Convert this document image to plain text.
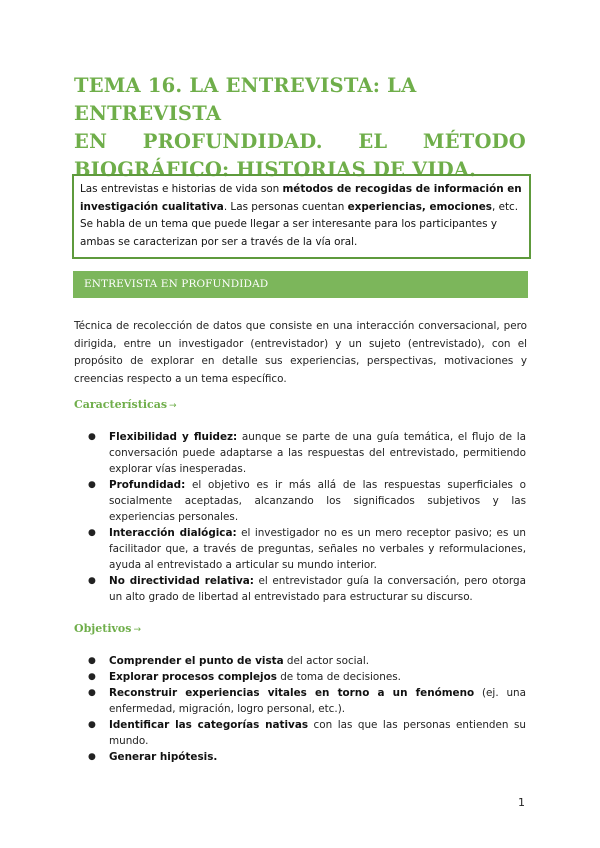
TEMA 16. LA ENTREVISTA: LA ENTREVISTA
EN PROFUNDIDAD. EL MÉTODO
BIOGRÁFICO: HISTORIAS DE VIDA.
Las entrevistas e historias de vida son métodos de recogidas de información en investigación cualitativa. Las personas cuentan experiencias, emociones, etc.
Se habla de un tema que puede llegar a ser interesante para los participantes y ambas se caracterizan por ser a través de la vía oral.
ENTREVISTA EN PROFUNDIDAD

Técnica de recolección de datos que consiste en una interacción conversacional, pero dirigida, entre un investigador (entrevistador) y un sujeto (entrevistado), con el propósito de explorar en detalle sus experiencias, perspectivas, motivaciones y creencias respecto a un tema específico.

Características →
● Flexibilidad y fluidez: aunque se parte de una guía temática, el flujo de la conversación puede adaptarse a las respuestas del entrevistado, permitiendo explorar vías inesperadas.
● Profundidad: el objetivo es ir más allá de las respuestas superficiales o socialmente aceptadas, alcanzando los significados subjetivos y las experiencias personales.
● Interacción dialógica: el investigador no es un mero receptor pasivo; es un facilitador que, a través de preguntas, señales no verbales y reformulaciones, ayuda al entrevistado a articular su mundo interior.
● No directividad relativa: el entrevistador guía la conversación, pero otorga un alto grado de libertad al entrevistado para estructurar su discurso.
Objetivos →
● Comprender el punto de vista del actor social.
● Explorar procesos complejos de toma de decisiones.
● Reconstruir experiencias vitales en torno a un fenómeno (ej. una enfermedad, migración, logro personal, etc.).
● Identificar las categorías nativas con las que las personas entienden su mundo.
● Generar hipótesis.
1
